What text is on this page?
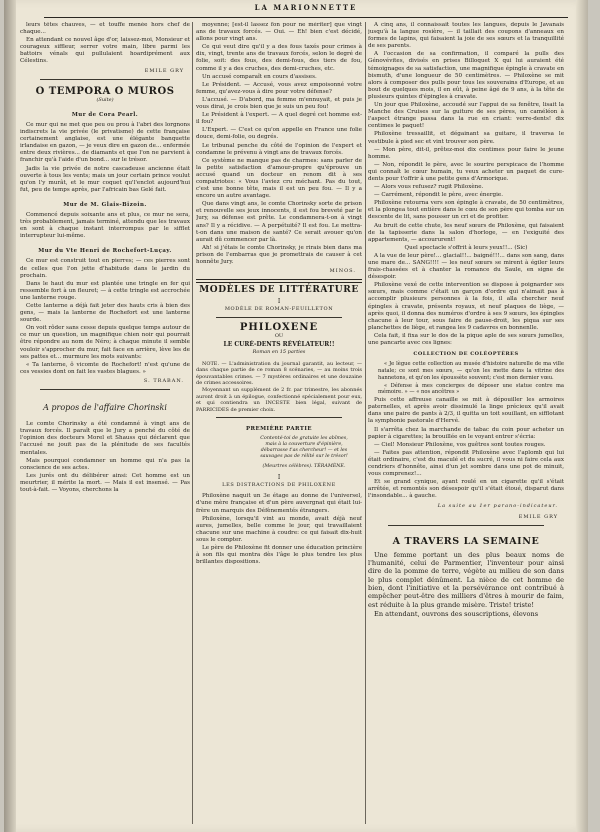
LA MARIONNETTE

leurs têtes chauves, — et touffe menée hors chef de chaque...

En attendant ce nouvel âge d'or, laissez-moi, Monsieur et courageux siffleur, serrer votre main, libre parmi les battoirs vénals qui pullulaient hoardiprément aux Célestins.

EMILE GRY
O TEMPORA O MUROS
(Suite)
Mur de Cora Pearl.

Ce mur qui ne met que peu ou prou à l'abri des lorgnons indiscrets la vie privée (le privatisme) de cette française certainement anglaise, est une élégante banquette irlandaise en gazon, — je veux dire en gazon de... enfermée entre deux rivières... de diamants et que l'on ne parvient à franchir qu'à l'aide d'un bond... sur le trésor.

Jadis la vie privée de notre cascadeuse ancienne était ouverte à tous les vents; mais un jour certain prince voulut qu'on l'y murât, et le mur coquet qu'l'enclot aujourd'hui fut, peu de temps après, par l'africain bas Gelé fait.

Mur de M. Glais-Bizoin.

Commencé depuis soixante ans et plus, ce mur ne sera, très probablement, jamais terminé, attendu que les travaux en sont à chaque instant interrompus par le sifflet interrupteur lui-même.

Mur du Vte Henri de Rochefort-Luçay.

Ce mur est construit tout en pierres; — ces pierres sont de celles que l'on jette d'habitude dans le jardin du prochain.

Dans le haut du mur est plantée une tringle en fer qui ressemble fort à un fleuret; — à cette tringle est accrochée une lanterne rouge.

Cette lanterne a déjà fait jeter des hauts cris à bien des gens, — mais la lanterne de Rochefort est une lanterne sourde.

On voit rôder sans cesse depuis quelque temps autour de ce mur un question, un magnifique chien noir qui pourrait être répondre au nom de Néro; à chaque minute il semble vouloir s'approcher du mur, fait face en arrière, lève les de ses pattes et... murmure les mots suivants:

« Ta lanterne, ô vicomte de Rochefort! n'est qu'une de ces vessies dont on fait les vastes blagues. »

S. TRABAN.
A propos de l'affaire Chorinski

Le comte Chorinsky a été condamné à vingt ans de travaux forcés. Il paraît que le Jury a penché du côté de l'opinion des docteurs Morel et Shauss qui déclarent que l'accusé ne jouit pas de la plénitude de ses facultés mentales.

Mais pourquoi condamner un homme qui n'a pas la conscience de ses actes.

Les jurés ont du délibérer ainsi: Cet homme est un meurtrier, il mérite la mort. — Mais il est insensé. — Pas tout-à-fait. — Voyons, cherchons la

moyenne; [est-il lassez fon pour ne mériter] que vingt ans de travaux forcés. — Oui. — Eh! bien c'est décidé, allons pour vingt ans.

Ce qui veut dire qu'il y a des fous taxés pour crimes à dix, vingt, trente ans de travaux forcés, selon le degré de folie, soit: des fous, des demi-fous, des tiers de fou, comme il y a des cruches, des demi-cruches, etc.

Un accusé comparaît en cours d'assises.

Le Président. — Accusé, vous avez empoisonné votre femme, qu'avez-vous à dire pour votre défense?

L'accusé. — D'abord, ma femme m'ennuyait, et puis je vous dirai, je crois bien que je suis un peu fou!

Le Président à l'expert. — A quel degré cet homme est-il fou?

L'Expert. — C'est ce qu'on appelle en France une folie douce, demi-folie, ou degrés.

Le tribunal penche du côté de l'opinion de l'expert et condamne le prévenu à vingt ans de travaux forcés.

Ce système ne manque pas de charmes: sans parler de la petite satisfaction d'amour-propre qu'éprouve un accusé quand un docteur en renom dit à ses compatriotes: « Vous l'aviez cru méchant. Pas du tout, c'est une bonne tête, mais il est un peu fou. — Il y a encore un autre avantage.

Que dans vingt ans, le comte Chorinsky sorte de prison et renouvelle ses jeux innocents, il est fou breveté par le Jury, sa défense est prête. Le condamnera-t-on à vingt ans? Il y a récidive. — A perpétuité? Il est fou. Le mettra-t-on dans une maison de santé? Ce serait avouer qu'on aurait dû commencer par là.

Ah! si j'étais le comte Chorinsky, je rirais bien dans ma prison de l'embarras que je promettrais de causer à cet honnête Jury.

MINOS.
MODÈLES DE LITTÉRATURE
I
MODÈLE DE ROMAN-FEUILLETON
PHILOXENE
OU
LE CURÉ-DENTS RÉVÉLATEUR!!
Roman en 15 parties

NOTE. — L'administration du journal garantit, au lecteur, — dans chaque partie de ce roman 8 scénaries, — au moins trois épouvantables crimes. — 7 mystères ordinaires et une douzaine de crimes accessoires.

Moyennant un supplément de 2 fr. par trimestre, les abonnés auront droit à un épilogue, confectionné spécialement pour eux, et qui contiendra un INCESTE bien légal, suivant de PARRICIDES de premier choix.

PREMIÈRE PARTIE
Contenté-toi de gratuite les abîmes, mais à la couverture d'épinière, débarrasse t'as chercheur! — et les sauvages pas de rélité sur le trésor!
(Meurtres célèbres). TÉRAMÈNE.
I
LES DISTRACTIONS DE PHILOXÈNE

Philoxène naquit un 3e étage au donne de l'universel, d'une mère française et d'un père auvergnat qui était lui-frère un marquis des Défènementés étrangers.

Philoxène, lorsqu'il vint au monde, avait déjà neuf aures, jumelles, belle comme le jour, qui travaillaient chacune sur une machine à coudre: ce qui faisait dix-huit sous le compter.

Le père de Philoxène fit donner une éducation princière à son fils qui montra dès l'âge le plus tendre les plus brillantes dispositions.

A cinq ans, il connaissait toutes les langues, depuis le Javanais jusqu'à la langue rosière, — il taillait des coupons d'anneaux en formes de lapins, qui faisaient la joie de ses sœurs et la tranquillité de ses parents.

A l'occasion de sa confirmation, il comparé la pulls des Génovévites, divisés en prises Billoquet X qui lui auraient été témoignages de sa satisfaction, une magnifique épingle à cravate en bismuth, d'une longueur de 50 centimètres. — Philoxène se mit alors à composer des pulls pour tous les souverains d'Europe, et au bout de quelques mois, il en eût, à peine âgé de 9 ans, à la tête de plusieurs quintes d'épingles à cravate.

Un jour que Philoxène, accoudé sur l'appui de sa fenêtre, lisait la Manche des Cruises sur la guiture de ses pères, un caméléon à l'aspect étrange passa dans la rue en criant: verre-dents! dix centimes le paquet!

Philoxène tressaillit, et dégainant sa guitare, il traversa le vestibule à pied sec et vint trouver son père.

— Mon père, dit-il, prêtez-moi dix centimes pour faire le jeune homme.

— Non, répondit le père, avec le sourire perspicace de l'homme qui connaît le cœur humain, tu veux acheter un paquet de cure-dents pour t'offrir à une petite gens d'Armorique.

— Alors vous refusez? rugit Philoxène.

— Carrément, répondit le père, avec énergie.

Philoxène retourna vers son épingle à cravate, de 50 centimètres, et la plongea tout entière dans le cœu de son père qui tomba sur un descente de lit, sans pousser un cri et de profiter.

Au bruit de cette chute, les neuf sœurs de Philoxène, qui faisaient de la tapisserie dans la salon d'horloge, — en l'exiguité des appartements, — accoururent!

Quel spectacle s'offrit à leurs yeux!!... (Sic)

A la vue de leur père!... glacial!!... baigné!!!... dans son sang, dans une mare de... SANG!!!! — les neuf sœurs se mirent à égiler leurs frais-chassées et à chanter la romance du Saule, en signe de désespoir.

Philoxène vexé de cette intervention se dispose à poignarder ses sœurs, mais comme c'était un garçon d'ordre qui n'aimait pas à accomplir plusieurs personnes à la fois, il alla chercher neuf épingles à cravate, présents royaux, et neuf plaques de liège, — après quoi, il donna des numéros d'ordre à ses 9 sœurs, les épingles chacune à leur tour, sous faire de pause-droit, les piqua sur ses planchettes de liège, et rangea les 9 cadavres en bonnenlle.

Cela fait, il fixa sur le dos de la pique aple de ses sœurs jumelles, une pancarte avec ces lignes:

COLLECTION DE COLÉOPTÈRES

« Je lègue cette collection au musée d'histoire naturelle de ma ville natale; ce sont mes sœurs, — qu'on les mette dans la vitrine des hannetons, et qu'on les époussète souvent; c'est mon dernier vœu.

« Défense à mes concierges de déposer une statue contre ma mémoire. » — « nos ancêtres »

Puis cette affreuse canaille se mit à dépouiller les armoires paternelles, et après avoir dissimulé la linge précieux qu'il avait dans une paire de pants à 2/3, il quitta un toit souillant, en sifflotant la symphonie pastorale d'Hervé.

Il s'arrêta chez la marchande de tabac du coin pour acheter un papier à cigarettes; la brouillée en le voyant entrer s'écria:

— Ciel! Monsieur Philoxène, vos guêtres sont toutes rouges.

— Faites pas attention, répondit Philoxène avec l'aplomb qui lui était ordinaire, c'est du maculé et du sucré, il vous ni faire cela aux cendriers d'honnête, ainsi d'un jet sombre dans une pot de minuit, vous comprenez!...

Et se grand cynique, ayant roulé en un cigarette qu'il s'était arrêtée, et remontés son désespoir qu'il s'était étoué, disparut dans l'insondable... à gauche.

La suite au 1er parano-indicateur.
EMILE GRY
A TRAVERS LA SEMAINE

Une femme portant un des plus beaux noms de l'humanité, celui de Parmentier, l'inventeur pour ainsi dire de la pomme de terre, végète au milieu de son dans le plus complet dénûment. La nièce de cet homme de bien, dont l'initiative et la persévérance ont contribué à empêcher peut-être des milliers d'êtres à mourir de faim, est réduite à la plus grande misère. Triste! triste!

En attendant, ouvrons des souscriptions, élevons
